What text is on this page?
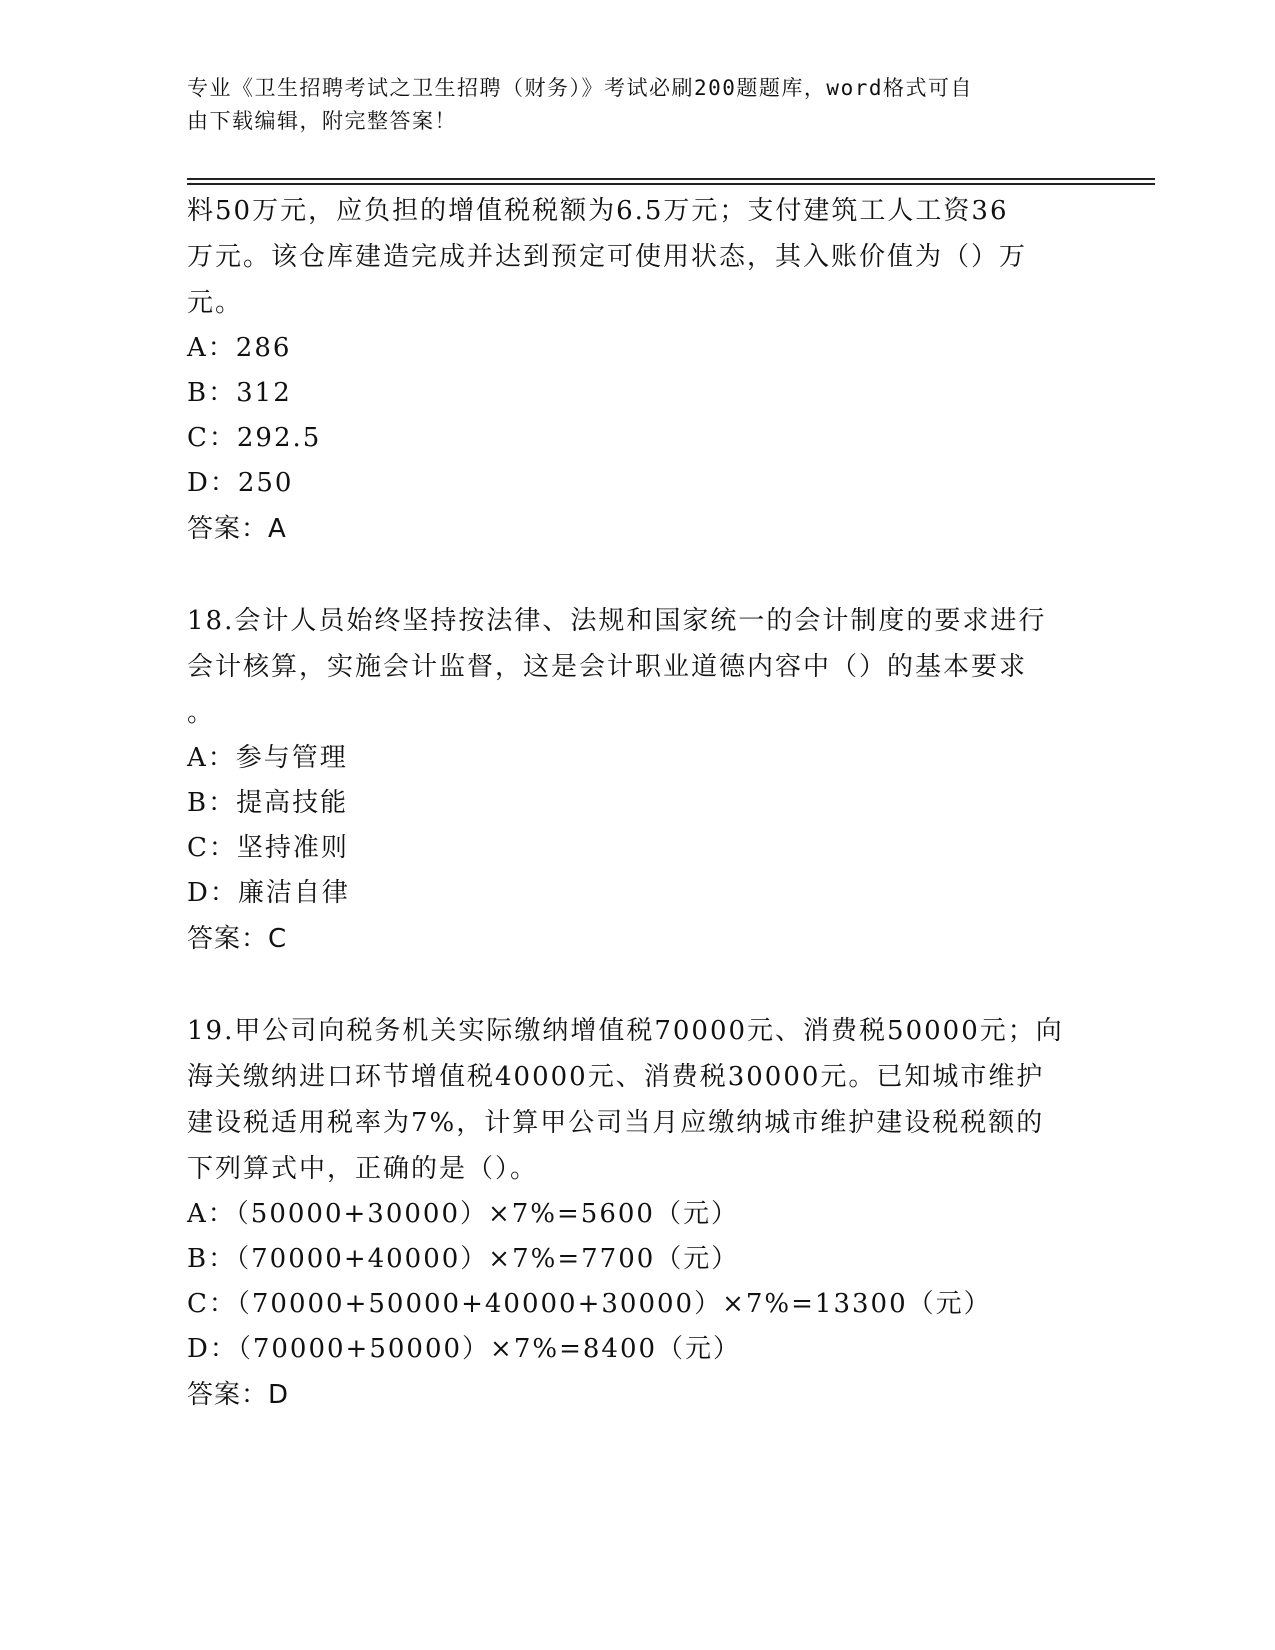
专业《卫生招聘考试之卫生招聘（财务）》考试必刷200题题库，word格式可自
由下载编辑，附完整答案！

料50万元，应负担的增值税税额为6.5万元；支付建筑工人工资36

万元。该仓库建造完成并达到预定可使用状态，其入账价值为（）万

元。

A：286

B：312

C：292.5

D：250

答案：A

18.会计人员始终坚持按法律、法规和国家统一的会计制度的要求进行

会计核算，实施会计监督，这是会计职业道德内容中（）的基本要求

。

A：参与管理

B：提高技能

C：坚持准则

D：廉洁自律

答案：C

19.甲公司向税务机关实际缴纳增值税70000元、消费税50000元；向

海关缴纳进口环节增值税40000元、消费税30000元。已知城市维护

建设税适用税率为7%，计算甲公司当月应缴纳城市维护建设税税额的

下列算式中，正确的是（）。

A：（50000+30000）×7%=5600（元）

B：（70000+40000）×7%=7700（元）

C：（70000+50000+40000+30000）×7%=13300（元）

D：（70000+50000）×7%=8400（元）

答案：D
